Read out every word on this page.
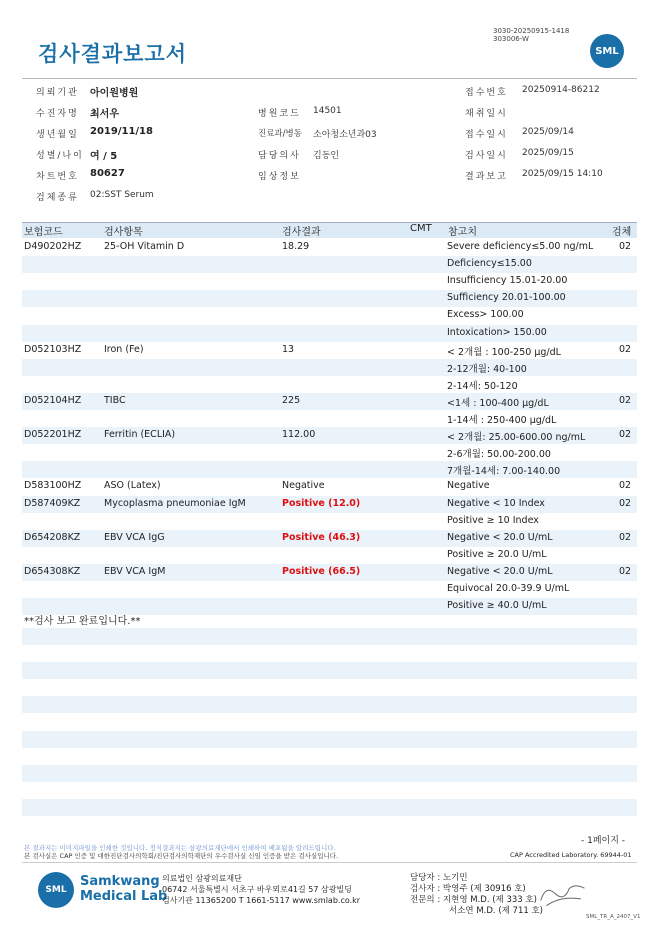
검사결과보고서
3030-20250915-1418
303006-W
SML
의뢰기관 아이원병원	접수번호 20250914-86212
수진자명 최서우	병원코드 14501	채취일시
생년월일 2019/11/18	진료과/병동 소아청소년과03	접수일시 2025/09/14
성별/나이 여 / 5	담당의사 김동인	검사일시 2025/09/15
차트번호 80627	임상정보	결과보고 2025/09/15 14:10
검체종류 02:SST Serum
보험코드	검사항목	검사결과	CMT 참고치	검체
D490202HZ 25-OH Vitamin D	18.29	Severe deficiency≤5.00 ng/mL	02
Deficiency≤15.00
Insufficiency 15.01-20.00
Sufficiency 20.01-100.00
Excess> 100.00
Intoxication> 150.00
D052103HZ Iron (Fe)	13	< 2개월 : 100-250 µg/dL	02
2-12개월: 40-100
2-14세: 50-120
D052104HZ TIBC	225	<1세 : 100-400 µg/dL	02
1-14세 : 250-400 µg/dL
D052201HZ Ferritin (ECLIA)	112.00	< 2개월: 25.00-600.00 ng/mL	02
2-6개월: 50.00-200.00
7개월-14세: 7.00-140.00
D583100HZ ASO (Latex)	Negative	Negative	02
D587409KZ Mycoplasma pneumoniae IgM	Positive (12.0)	Negative < 10 Index	02
Positive ≥ 10 Index
D654208KZ EBV VCA IgG	Positive (46.3)	Negative < 20.0 U/mL	02
Positive ≥ 20.0 U/mL
D654308KZ EBV VCA IgM	Positive (66.5)	Negative < 20.0 U/mL	02
Equivocal 20.0-39.9 U/mL
Positive ≥ 40.0 U/mL
**검사 보고 완료입니다.**
- 1페이지 -
본 결과지는 이미지파일을 인쇄한 것입니다. 정식결과지는 삼광의료재단에서 인쇄하여 배포됨을 알려드립니다.
본 검사실은 CAP 인증 및 대한진단검사의학회/진단검사의학재단의 우수검사실 신임 인증을 받은 검사실입니다.	CAP Accredited Laboratory. 69944-01
SML
Samkwang
Medical Lab
의료법인 삼광의료재단
06742 서울특별시 서초구 바우뫼로41길 57 삼광빌딩
검사기관 11365200 T 1661-5117 www.smlab.co.kr
담당자 : 노기민
검사자 : 박영주 (제 30916 호)
전문의 : 지현영 M.D. (제 333 호)
서소연 M.D. (제 711 호)
SML_TR_A_2407_V1
